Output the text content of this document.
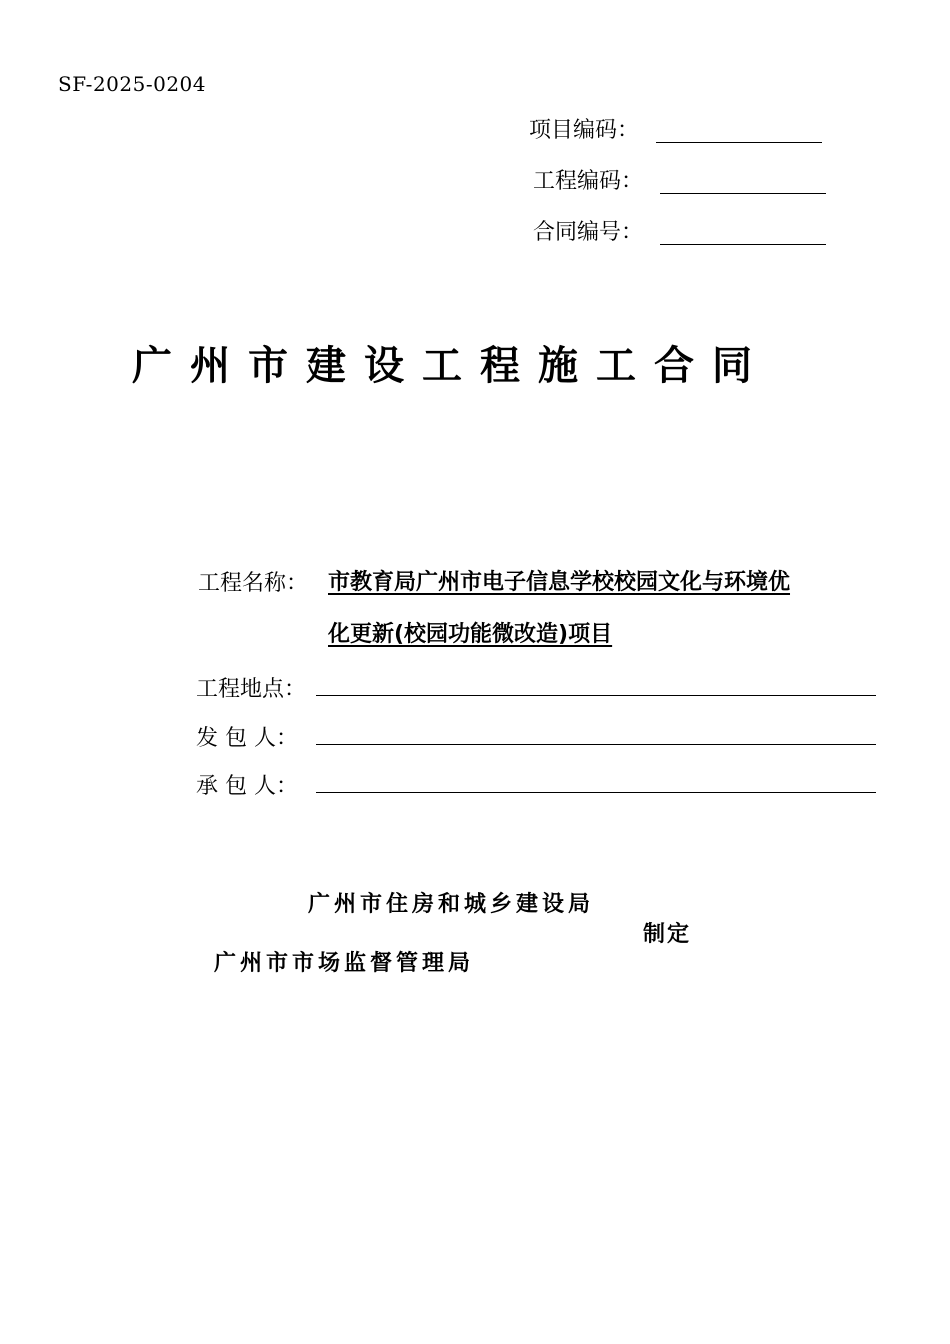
SF-2025-0204
项目编码：
工程编码：
合同编号：
广州市建设工程施工合同
工程名称： 市教育局广州市电子信息学校校园文化与环境优
化更新(校园功能微改造)项目
工程地点：
发 包 人：
承 包 人：
广州市住房和城乡建设局
制定
广州市市场监督管理局
